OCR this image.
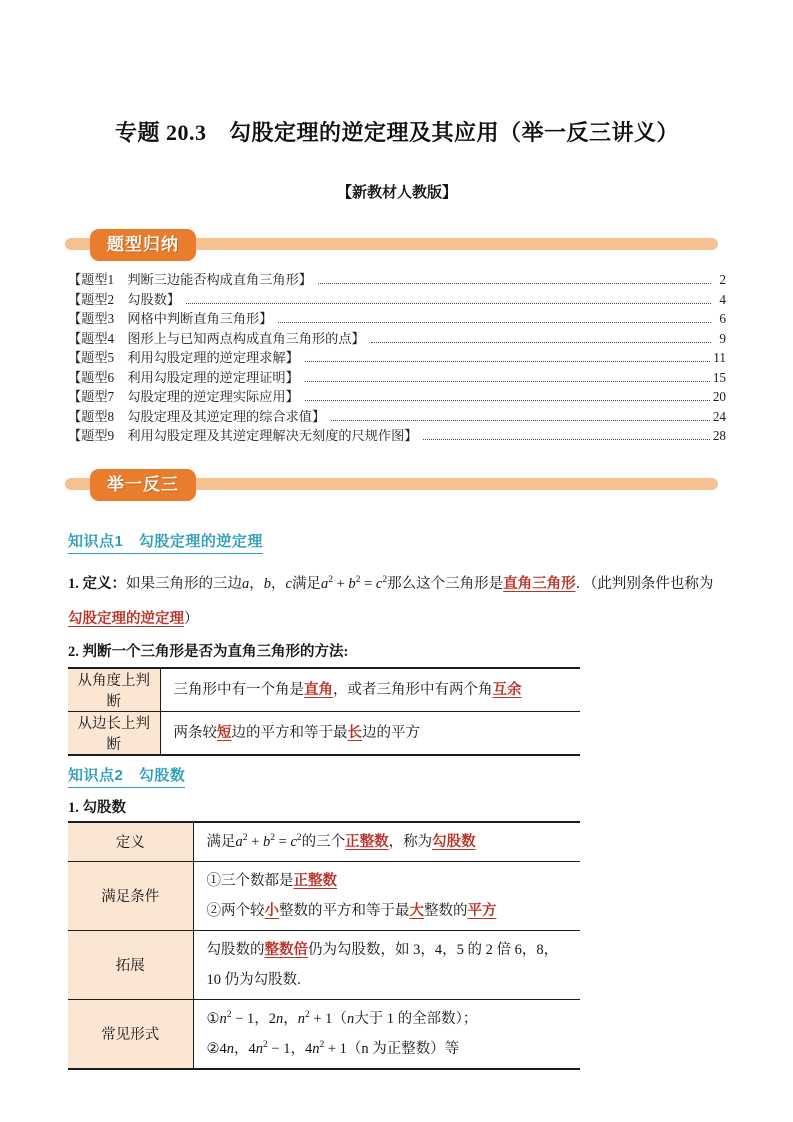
专题 20.3　勾股定理的逆定理及其应用（举一反三讲义）
【新教材人教版】
题型归纳
【题型1　判断三边能否构成直角三角形】	2
【题型2　勾股数】	4
【题型3　网格中判断直角三角形】	6
【题型4　图形上与已知两点构成直角三角形的点】	9
【题型5　利用勾股定理的逆定理求解】	11
【题型6　利用勾股定理的逆定理证明】	15
【题型7　勾股定理的逆定理实际应用】	20
【题型8　勾股定理及其逆定理的综合求值】	24
【题型9　利用勾股定理及其逆定理解决无刻度的尺规作图】	28
举一反三
知识点1　勾股定理的逆定理

1. 定义：如果三角形的三边a，b，c满足$a^2 + b^2 = c^2$那么这个三角形是直角三角形．（此判别条件也称为

勾股定理的逆定理）

2. 判断一个三角形是否为直角三角形的方法:

从角度上判断	三角形中有一个角是直角，或者三角形中有两个角互余

从边长上判断	两条较短边的平方和等于最长边的平方

知识点2　勾股数

1. 勾股数

定义	满足$a^2 + b^2 = c^2$的三个正整数，称为勾股数

满足条件	①三个数都是正整数

②两个较小整数的平方和等于最大整数的平方

拓展	勾股数的整数倍仍为勾股数，如 3，4，5 的 2 倍 6，8，10 仍为勾股数.

常见形式	$①n^2 - 1$，2n，$n^2 + 1(n$大于 1 的全部数）；

②4n，$4n^2 - 1$，$4n^2 + 1(n$ 为正整数）等
